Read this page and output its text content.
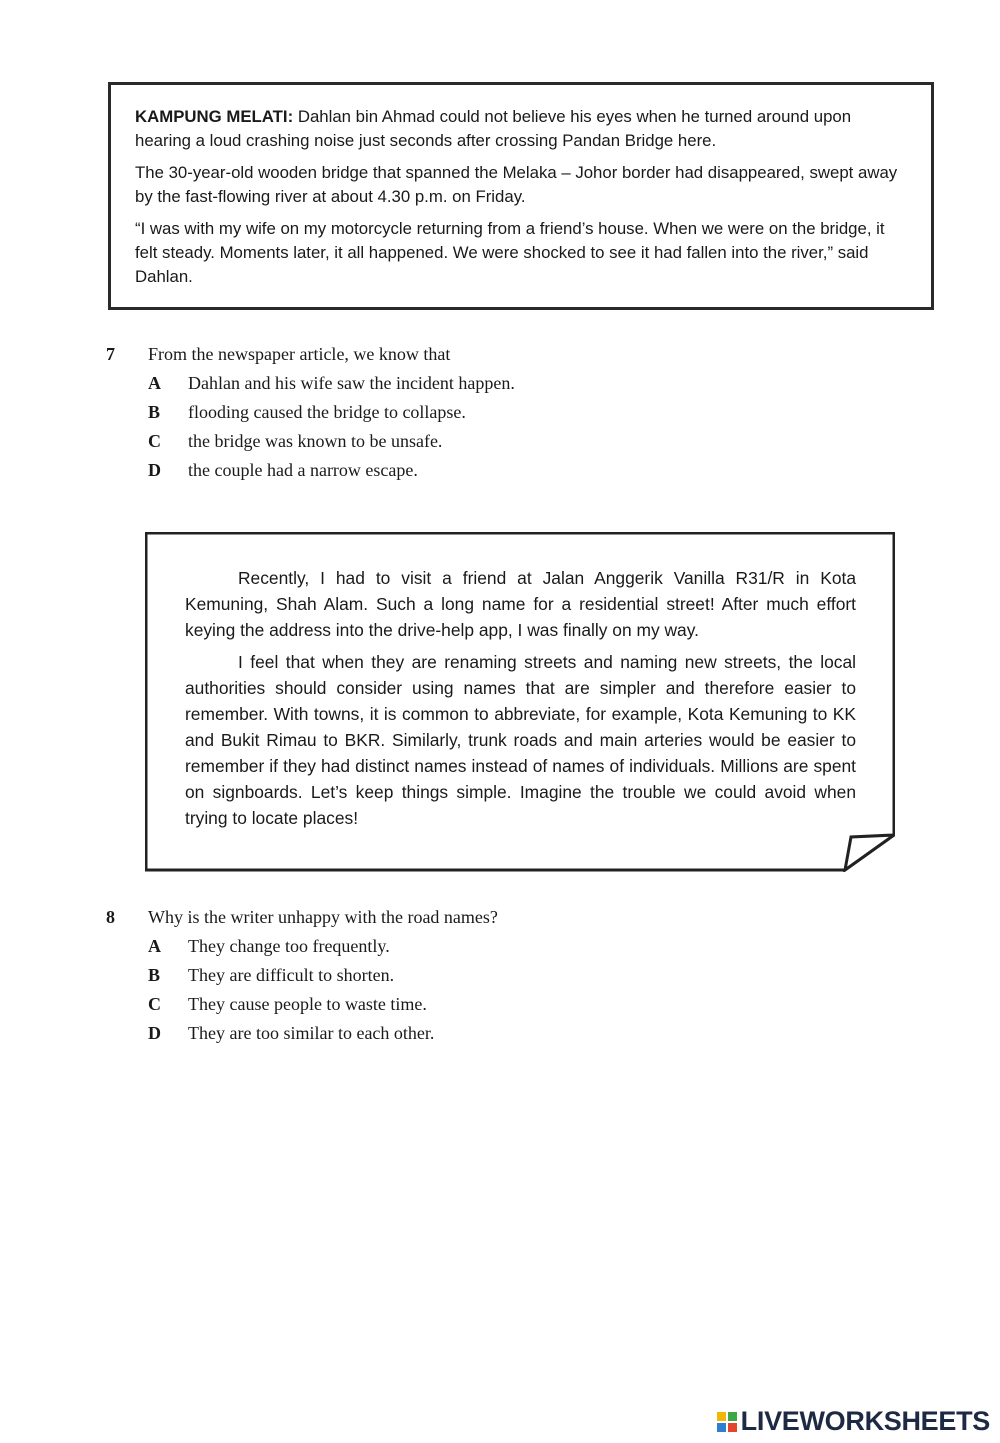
KAMPUNG MELATI: Dahlan bin Ahmad could not believe his eyes when he turned around upon hearing a loud crashing noise just seconds after crossing Pandan Bridge here.

The 30-year-old wooden bridge that spanned the Melaka – Johor border had disappeared, swept away by the fast-flowing river at about 4.30 p.m. on Friday.

“I was with my wife on my motorcycle returning from a friend’s house. When we were on the bridge, it felt steady. Moments later, it all happened. We were shocked to see it had fallen into the river,” said Dahlan.

7	From the newspaper article, we know that
A	Dahlan and his wife saw the incident happen.
B	flooding caused the bridge to collapse.
C	the bridge was known to be unsafe.
D	the couple had a narrow escape.

Recently, I had to visit a friend at Jalan Anggerik Vanilla R31/R in Kota Kemuning, Shah Alam. Such a long name for a residential street! After much effort keying the address into the drive-help app, I was finally on my way.

I feel that when they are renaming streets and naming new streets, the local authorities should consider using names that are simpler and therefore easier to remember. With towns, it is common to abbreviate, for example, Kota Kemuning to KK and Bukit Rimau to BKR. Similarly, trunk roads and main arteries would be easier to remember if they had distinct names instead of names of individuals. Millions are spent on signboards. Let’s keep things simple. Imagine the trouble we could avoid when trying to locate places!

8	Why is the writer unhappy with the road names?
A	They change too frequently.
B	They are difficult to shorten.
C	They cause people to waste time.
D	They are too similar to each other.
LIVEWORKSHEETS
